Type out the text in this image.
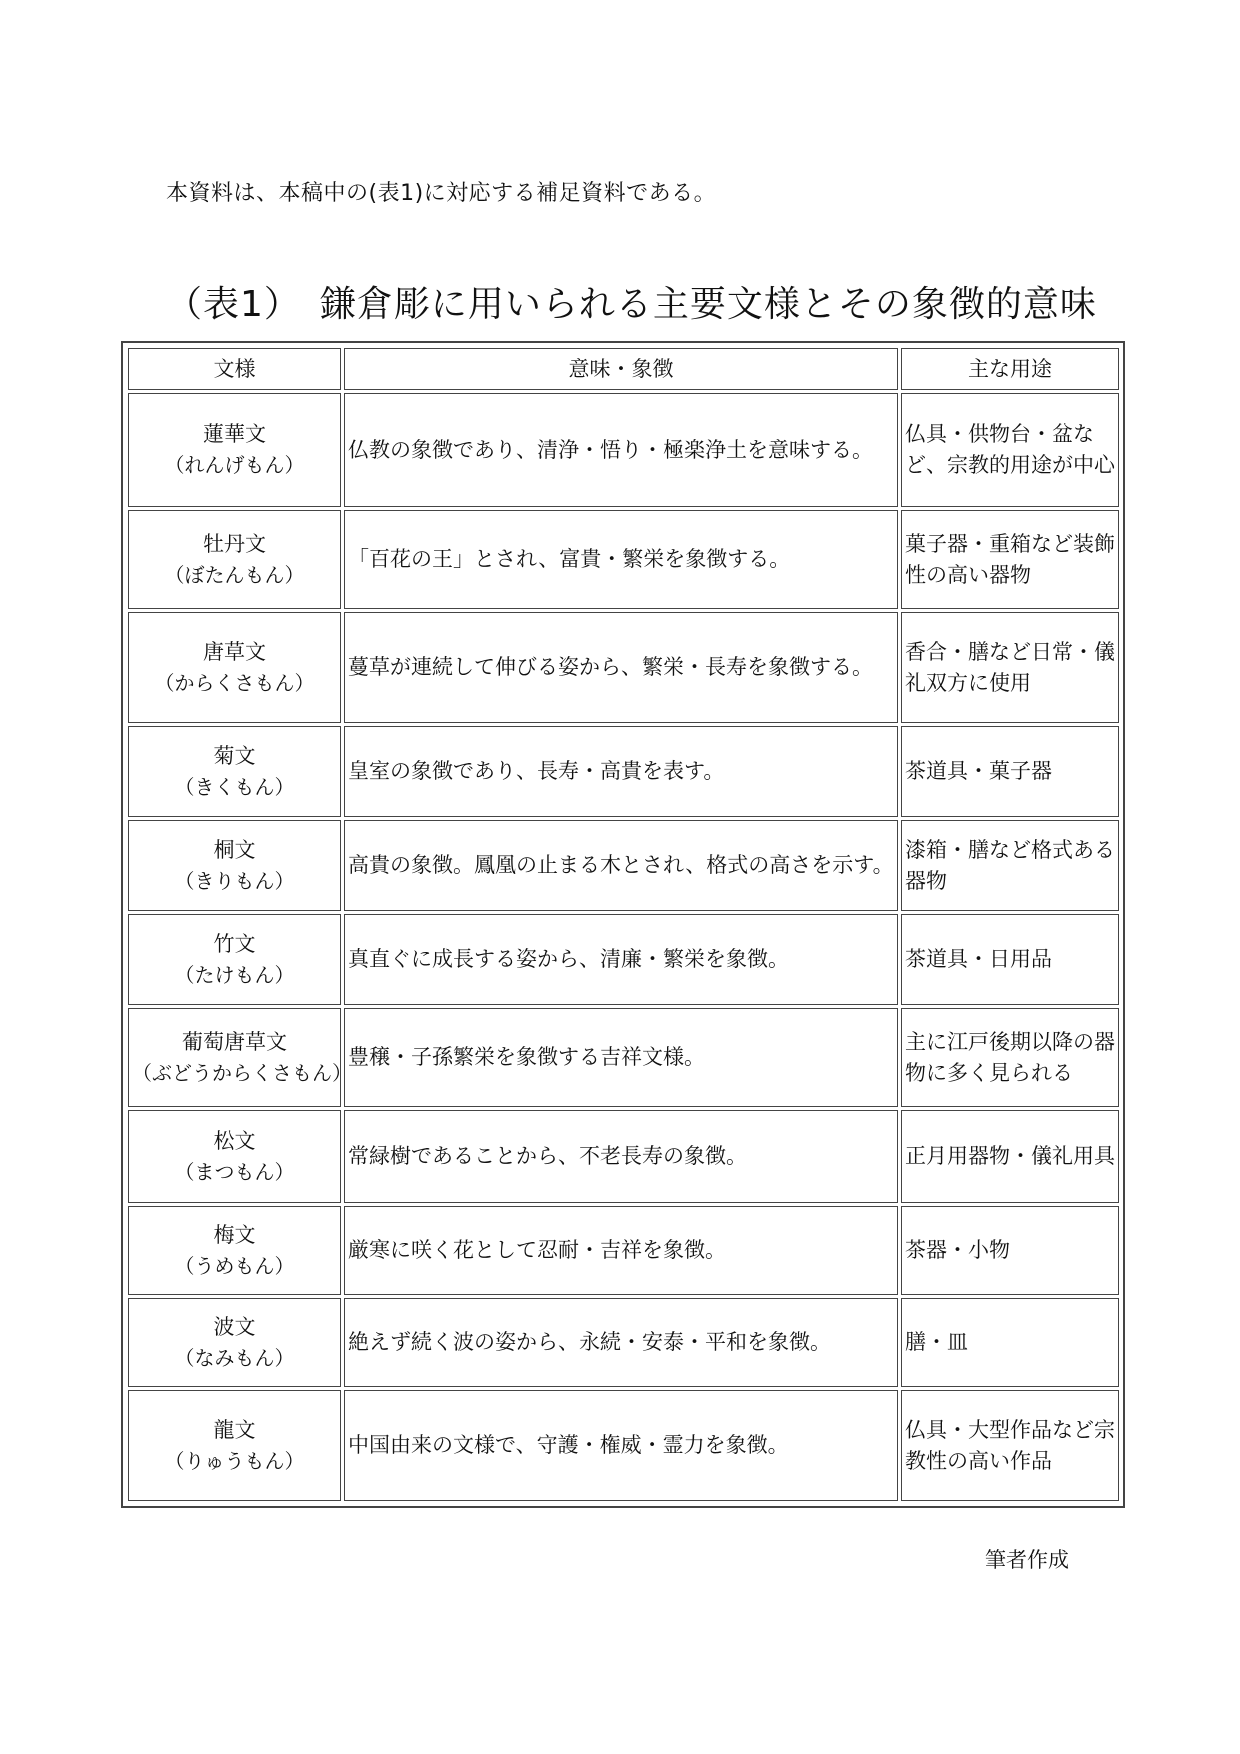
本資料は、本稿中の(表1)に対応する補足資料である。
（表1）　鎌倉彫に用いられる主要文様とその象徴的意味
文様	意味・象徴	主な用途

蓮華文
（れんげもん）	仏教の象徴であり、清浄・悟り・極楽浄土を意味する。	仏具・供物台・盆など、宗教的用途が中心

牡丹文
（ぼたんもん）	「百花の王」とされ、富貴・繁栄を象徴する。	菓子器・重箱など装飾性の高い器物

唐草文
（からくさもん）	蔓草が連続して伸びる姿から、繁栄・長寿を象徴する。	香合・膳など日常・儀礼双方に使用

菊文
（きくもん）	皇室の象徴であり、長寿・高貴を表す。	茶道具・菓子器

桐文
（きりもん）	高貴の象徴。鳳凰の止まる木とされ、格式の高さを示す。	漆箱・膳など格式ある器物

竹文
（たけもん）	真直ぐに成長する姿から、清廉・繁栄を象徴。	茶道具・日用品

葡萄唐草文
（ぶどうからくさもん）	豊穣・子孫繁栄を象徴する吉祥文様。	主に江戸後期以降の器物に多く見られる

松文
（まつもん）	常緑樹であることから、不老長寿の象徴。	正月用器物・儀礼用具

梅文
（うめもん）	厳寒に咲く花として忍耐・吉祥を象徴。	茶器・小物

波文
（なみもん）	絶えず続く波の姿から、永続・安泰・平和を象徴。	膳・皿

龍文
（りゅうもん）	中国由来の文様で、守護・権威・霊力を象徴。	仏具・大型作品など宗教性の高い作品
筆者作成
